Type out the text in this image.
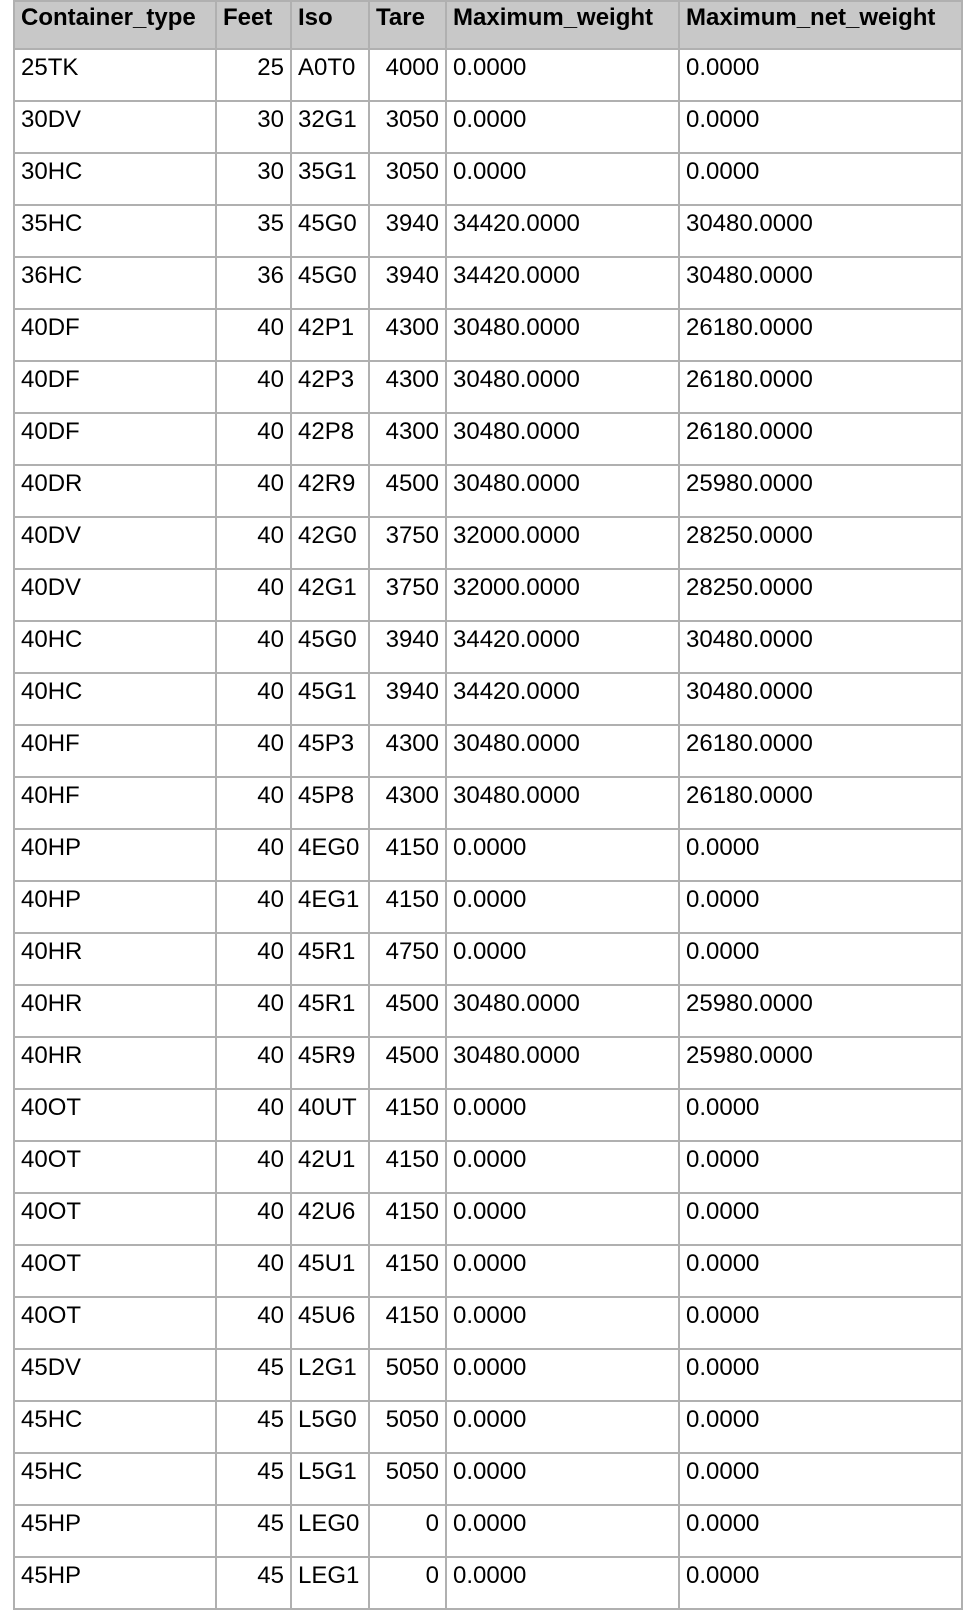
Container_type	Feet	Iso	Tare	Maximum_weight	Maximum_net_weight
25TK	25	A0T0	4000	0.0000	0.0000
30DV	30	32G1	3050	0.0000	0.0000
30HC	30	35G1	3050	0.0000	0.0000
35HC	35	45G0	3940	34420.0000	30480.0000
36HC	36	45G0	3940	34420.0000	30480.0000
40DF	40	42P1	4300	30480.0000	26180.0000
40DF	40	42P3	4300	30480.0000	26180.0000
40DF	40	42P8	4300	30480.0000	26180.0000
40DR	40	42R9	4500	30480.0000	25980.0000
40DV	40	42G0	3750	32000.0000	28250.0000
40DV	40	42G1	3750	32000.0000	28250.0000
40HC	40	45G0	3940	34420.0000	30480.0000
40HC	40	45G1	3940	34420.0000	30480.0000
40HF	40	45P3	4300	30480.0000	26180.0000
40HF	40	45P8	4300	30480.0000	26180.0000
40HP	40	4EG0	4150	0.0000	0.0000
40HP	40	4EG1	4150	0.0000	0.0000
40HR	40	45R1	4750	0.0000	0.0000
40HR	40	45R1	4500	30480.0000	25980.0000
40HR	40	45R9	4500	30480.0000	25980.0000
40OT	40	40UT	4150	0.0000	0.0000
40OT	40	42U1	4150	0.0000	0.0000
40OT	40	42U6	4150	0.0000	0.0000
40OT	40	45U1	4150	0.0000	0.0000
40OT	40	45U6	4150	0.0000	0.0000
45DV	45	L2G1	5050	0.0000	0.0000
45HC	45	L5G0	5050	0.0000	0.0000
45HC	45	L5G1	5050	0.0000	0.0000
45HP	45	LEG0	0	0.0000	0.0000
45HP	45	LEG1	0	0.0000	0.0000
